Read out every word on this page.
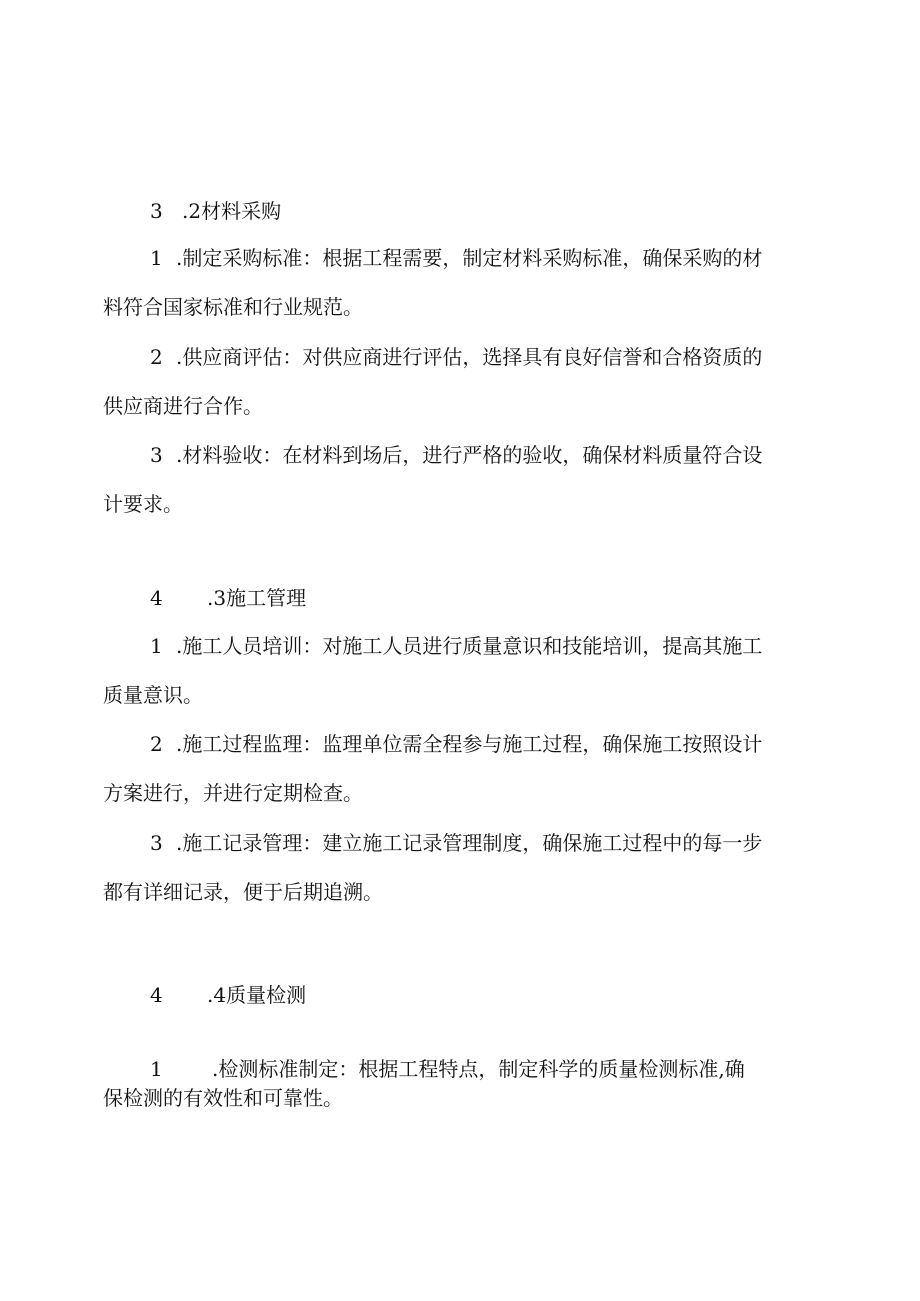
3 .2材料采购
1 .制定采购标准：根据工程需要，制定材料采购标准，确保采购的材
料符合国家标准和行业规范。
2 .供应商评估：对供应商进行评估，选择具有良好信誉和合格资质的
供应商进行合作。
3 .材料验收：在材料到场后，进行严格的验收，确保材料质量符合设
计要求。
4 .3施工管理
1 .施工人员培训：对施工人员进行质量意识和技能培训，提高其施工
质量意识。
2 .施工过程监理：监理单位需全程参与施工过程，确保施工按照设计
方案进行，并进行定期检查。
3 .施工记录管理：建立施工记录管理制度，确保施工过程中的每一步
都有详细记录，便于后期追溯。
4 .4质量检测
1 .检测标准制定：根据工程特点，制定科学的质量检测标准,确
保检测的有效性和可靠性。
